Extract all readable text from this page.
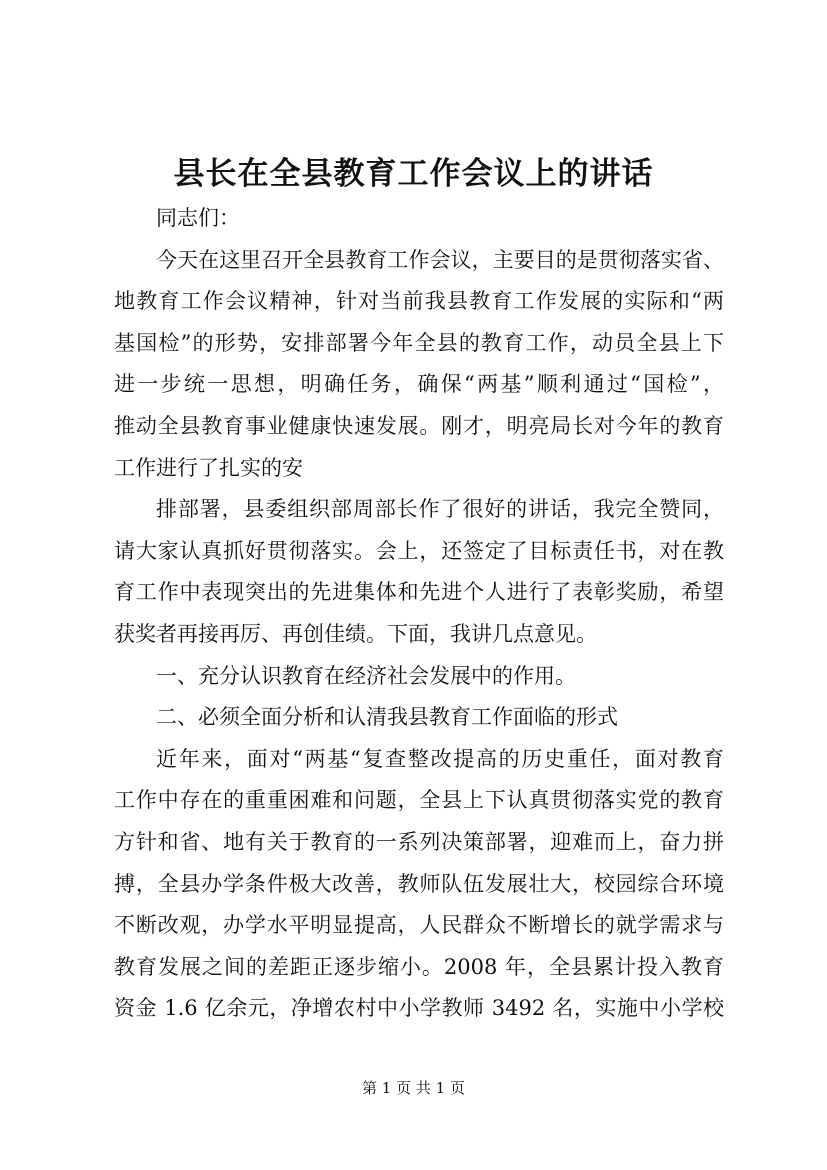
县长在全县教育工作会议上的讲话
同志们：
今天在这里召开全县教育工作会议，主要目的是贯彻落实省、
地教育工作会议精神，针对当前我县教育工作发展的实际和“两
基国检”的形势，安排部署今年全县的教育工作，动员全县上下
进一步统一思想，明确任务，确保“两基”顺利通过“国检”，
推动全县教育事业健康快速发展。刚才，明亮局长对今年的教育
工作进行了扎实的安
排部署，县委组织部周部长作了很好的讲话，我完全赞同，
请大家认真抓好贯彻落实。会上，还签定了目标责任书，对在教
育工作中表现突出的先进集体和先进个人进行了表彰奖励，希望
获奖者再接再厉、再创佳绩。下面，我讲几点意见。
一、充分认识教育在经济社会发展中的作用。
二、必须全面分析和认清我县教育工作面临的形式
近年来，面对“两基“复查整改提高的历史重任，面对教育
工作中存在的重重困难和问题，全县上下认真贯彻落实党的教育
方针和省、地有关于教育的一系列决策部署，迎难而上，奋力拼
搏，全县办学条件极大改善，教师队伍发展壮大，校园综合环境
不断改观，办学水平明显提高，人民群众不断增长的就学需求与
教育发展之间的差距正逐步缩小。2008 年，全县累计投入教育
资金 1.6 亿余元，净增农村中小学教师 3492 名，实施中小学校
第 1 页 共 1 页
